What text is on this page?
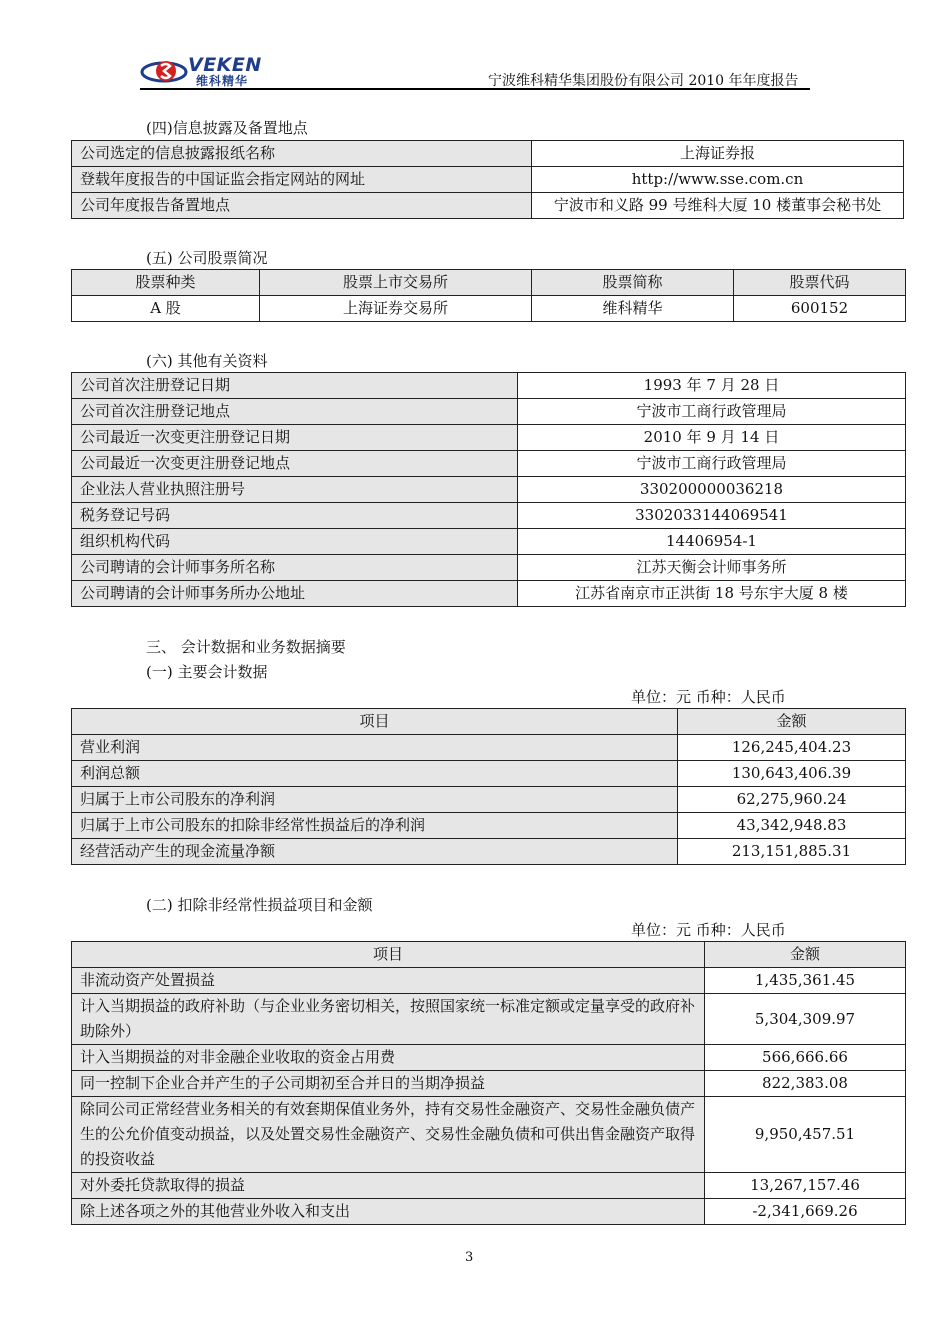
VEKEN
维科精华	宁波维科精华集团股份有限公司 2010 年年度报告
(四)信息披露及备置地点
公司选定的信息披露报纸名称	上海证券报
登载年度报告的中国证监会指定网站的网址	http://www.sse.com.cn
公司年度报告备置地点	宁波市和义路 99 号维科大厦 10 楼董事会秘书处
(五) 公司股票简况
股票种类	股票上市交易所	股票简称	股票代码
A 股	上海证券交易所	维科精华	600152
(六) 其他有关资料
公司首次注册登记日期	1993 年 7 月 28 日
公司首次注册登记地点	宁波市工商行政管理局
公司最近一次变更注册登记日期	2010 年 9 月 14 日
公司最近一次变更注册登记地点	宁波市工商行政管理局
企业法人营业执照注册号	330200000036218
税务登记号码	3302033144069541
组织机构代码	14406954-1
公司聘请的会计师事务所名称	江苏天衡会计师事务所
公司聘请的会计师事务所办公地址	江苏省南京市正洪街 18 号东宇大厦 8 楼
三、 会计数据和业务数据摘要
(一) 主要会计数据
单位：元 币种：人民币
项目	金额
营业利润	126,245,404.23
利润总额	130,643,406.39
归属于上市公司股东的净利润	62,275,960.24
归属于上市公司股东的扣除非经常性损益后的净利润	43,342,948.83
经营活动产生的现金流量净额	213,151,885.31
(二) 扣除非经常性损益项目和金额
单位：元 币种：人民币
项目	金额
非流动资产处置损益	1,435,361.45
计入当期损益的政府补助（与企业业务密切相关，按照国家统一标准定额或定量享受的政府补助除外）	5,304,309.97
计入当期损益的对非金融企业收取的资金占用费	566,666.66
同一控制下企业合并产生的子公司期初至合并日的当期净损益	822,383.08
除同公司正常经营业务相关的有效套期保值业务外，持有交易性金融资产、交易性金融负债产生的公允价值变动损益，以及处置交易性金融资产、交易性金融负债和可供出售金融资产取得的投资收益	9,950,457.51
对外委托贷款取得的损益	13,267,157.46
除上述各项之外的其他营业外收入和支出	-2,341,669.26
3
